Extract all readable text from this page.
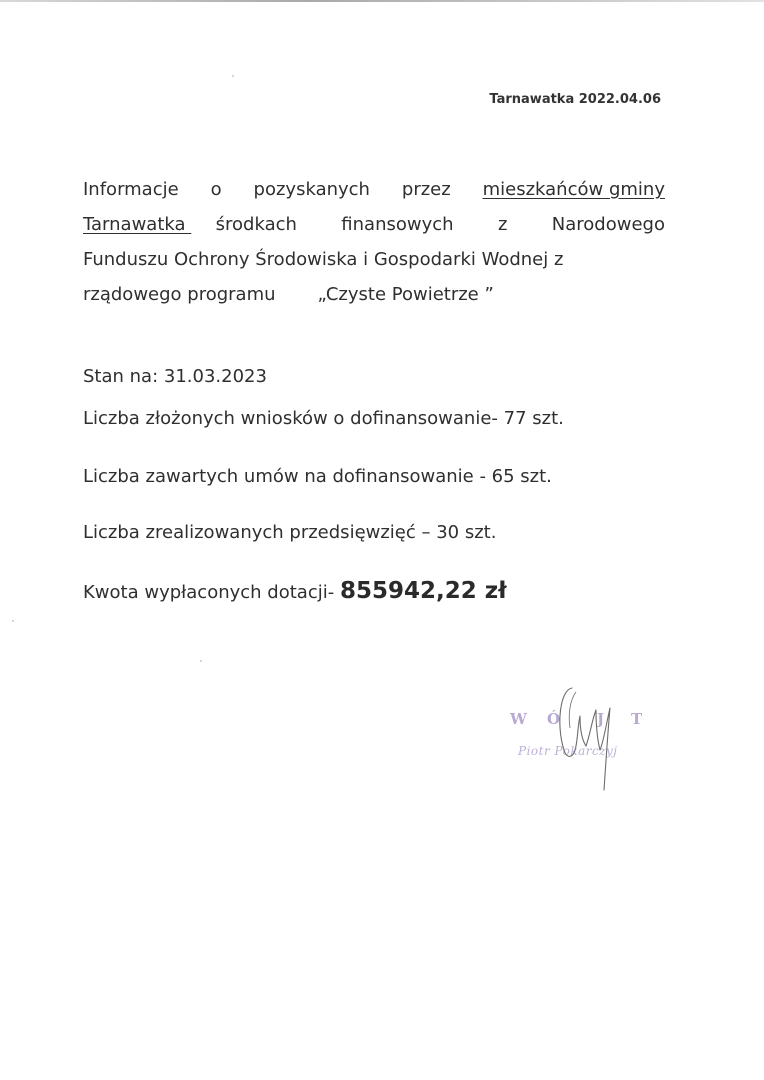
Tarnawatka 2022.04.06
Informacje o pozyskanych przez mieszkańców gminy
Tarnawatka środkach finansowych z Narodowego
Funduszu Ochrony Środowiska i Gospodarki Wodnej z
rządowego programu „Czyste Powietrze ”
Stan na: 31.03.2023
Liczba złożonych wniosków o dofinansowanie- 77 szt.
Liczba zawartych umów na dofinansowanie - 65 szt.
Liczba zrealizowanych przedsięwzięć – 30 szt.
Kwota wypłaconych dotacji- 855942,22 zł
W Ó J T
Piotr Pokarczyj
